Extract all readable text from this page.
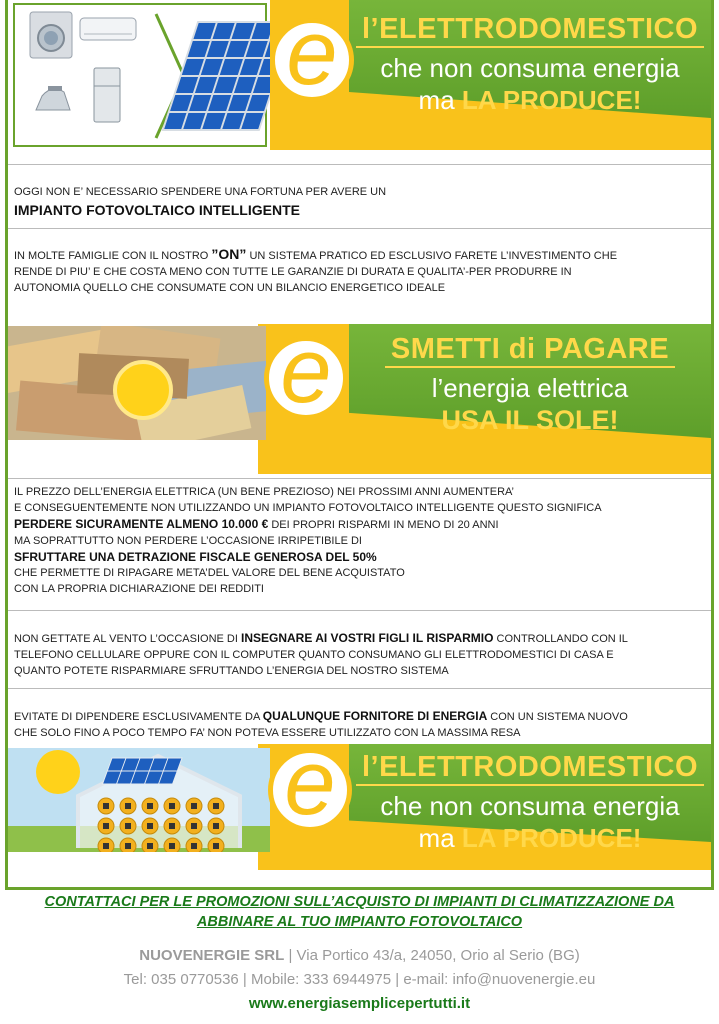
e l’ELETTRODOMESTICO
che non consuma energia
ma LA PRODUCE!
OGGI NON E’ NECESSARIO SPENDERE UNA FORTUNA PER AVERE UN
IMPIANTO FOTOVOLTAICO INTELLIGENTE
IN MOLTE FAMIGLIE CON IL NOSTRO ”ON” UN SISTEMA PRATICO ED ESCLUSIVO FARETE L’INVESTIMENTO CHE
RENDE DI PIU’ E CHE COSTA MENO CON TUTTE LE GARANZIE DI DURATA E QUALITA’-PER PRODURRE IN
AUTONOMIA QUELLO CHE CONSUMATE CON UN BILANCIO ENERGETICO IDEALE
e	SMETTI di PAGARE
l’energia elettrica
USA IL SOLE!
IL PREZZO DELL’ENERGIA ELETTRICA (UN BENE PREZIOSO) NEI PROSSIMI ANNI AUMENTERA’
E CONSEGUENTEMENTE NON UTILIZZANDO UN IMPIANTO FOTOVOLTAICO INTELLIGENTE QUESTO SIGNIFICA
PERDERE SICURAMENTE ALMENO 10.000 € DEI PROPRI RISPARMI IN MENO DI 20 ANNI
MA SOPRATTUTTO NON PERDERE L’OCCASIONE IRRIPETIBILE DI
SFRUTTARE UNA DETRAZIONE FISCALE GENEROSA DEL 50%
CHE PERMETTE DI RIPAGARE META’DEL VALORE DEL BENE ACQUISTATO
CON LA PROPRIA DICHIARAZIONE DEI REDDITI
NON GETTATE AL VENTO L’OCCASIONE DI INSEGNARE AI VOSTRI FIGLI IL RISPARMIO CONTROLLANDO CON IL
TELEFONO CELLULARE OPPURE CON IL COMPUTER QUANTO CONSUMANO GLI ELETTRODOMESTICI DI CASA E
QUANTO POTETE RISPARMIARE SFRUTTANDO L’ENERGIA DEL NOSTRO SISTEMA
EVITATE DI DIPENDERE ESCLUSIVAMENTE DA QUALUNQUE FORNITORE DI ENERGIA CON UN SISTEMA NUOVO
CHE SOLO FINO A POCO TEMPO FA’ NON POTEVA ESSERE UTILIZZATO CON LA MASSIMA RESA
e l’ELETTRODOMESTICO
che non consuma energia
ma LA PRODUCE!
CONTATTACI PER LE PROMOZIONI SULL’ACQUISTO DI IMPIANTI DI CLIMATIZZAZIONE DA
ABBINARE AL TUO IMPIANTO FOTOVOLTAICO
NUOVENERGIE SRL | Via Portico 43/a, 24050, Orio al Serio (BG)
Tel: 035 0770536 | Mobile: 333 6944975 | e-mail: info@nuovenergie.eu
www.energiasemplicepertutti.it
